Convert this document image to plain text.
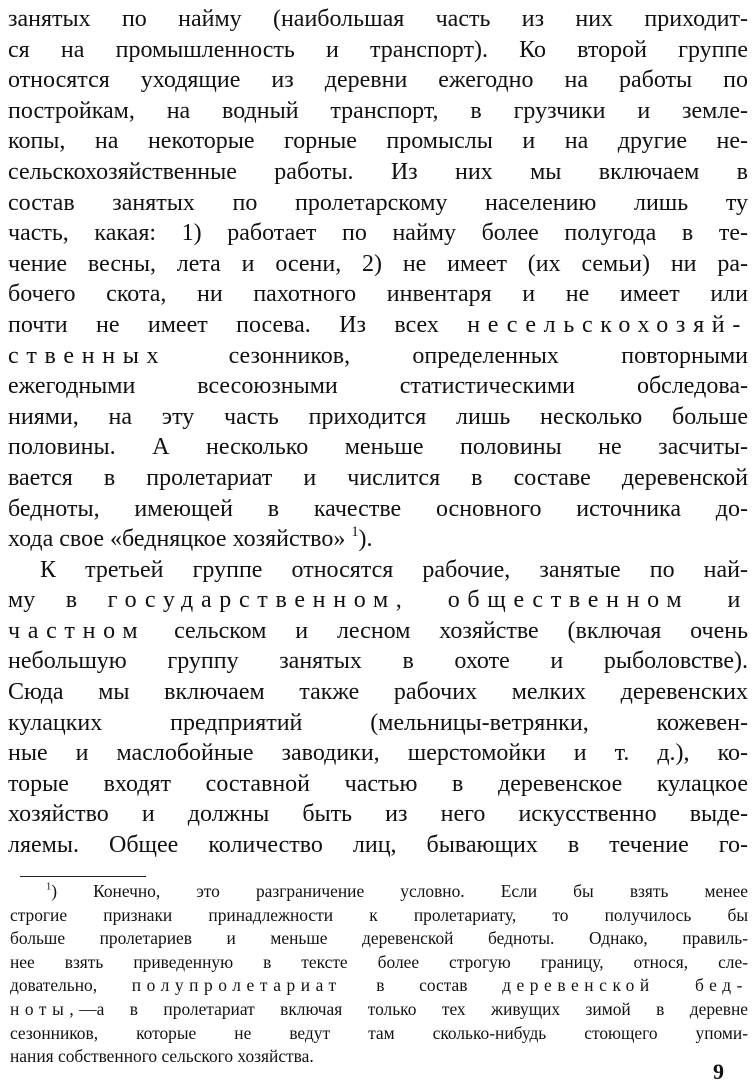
занятых по найму (наибольшая часть из них приходит-
ся на промышленность и транспорт). Ко второй группе
относятся уходящие из деревни ежегодно на работы по
постройкам, на водный транспорт, в грузчики и земле-
копы, на некоторые горные промыслы и на другие не-
сельскохозяйственные работы. Из них мы включаем в
состав занятых по пролетарскому населению лишь ту
часть, какая: 1) работает по найму более полугода в те-
чение весны, лета и осени, 2) не имеет (их семьи) ни ра-
бочего скота, ни пахотного инвентаря и не имеет или
почти не имеет посева. Из всех несельскохозяй-
ственных	сезонников, определенных повторными
ежегодными всесоюзными статистическими обследова-
ниями, на эту часть приходится лишь несколько больше
половины. А несколько меньше половины не засчиты-
вается в пролетариат и числится в составе деревенской
бедноты, имеющей в качестве основного источника до-
хода свое «бедняцкое хозяйство» $^1$).
К третьей группе относятся рабочие, занятые по най-
му в государственном, общественном и
частном сельском и лесном хозяйстве (включая очень
небольшую группу занятых в охоте и рыболовстве).
Сюда мы включаем также рабочих мелких деревенских
кулацких предприятий (мельницы-ветрянки, кожевен-
ные и маслобойные заводики, шерстомойки и т. д.), ко-
торые входят составной частью в деревенское кулацкое
хозяйство и должны быть из него искусственно выде-
ляемы. Общее количество лиц, бывающих в течение го-
$^1$) Конечно, это разграничение условно. Если бы взять менее
строгие признаки принадлежности к пролетариату, то получилось бы
больше пролетариев и меньше деревенской бедноты. Однако, правиль-
нее взять приведенную в тексте более строгую границу, относя, сле-
довательно, полупролетариат в состав деревенской бед-
ноты,—а в пролетариат включая только тех живущих зимой в деревне
сезонников, которые не ведут там сколько-нибудь стоющего упоми-
нания собственного сельского хозяйства.
9
